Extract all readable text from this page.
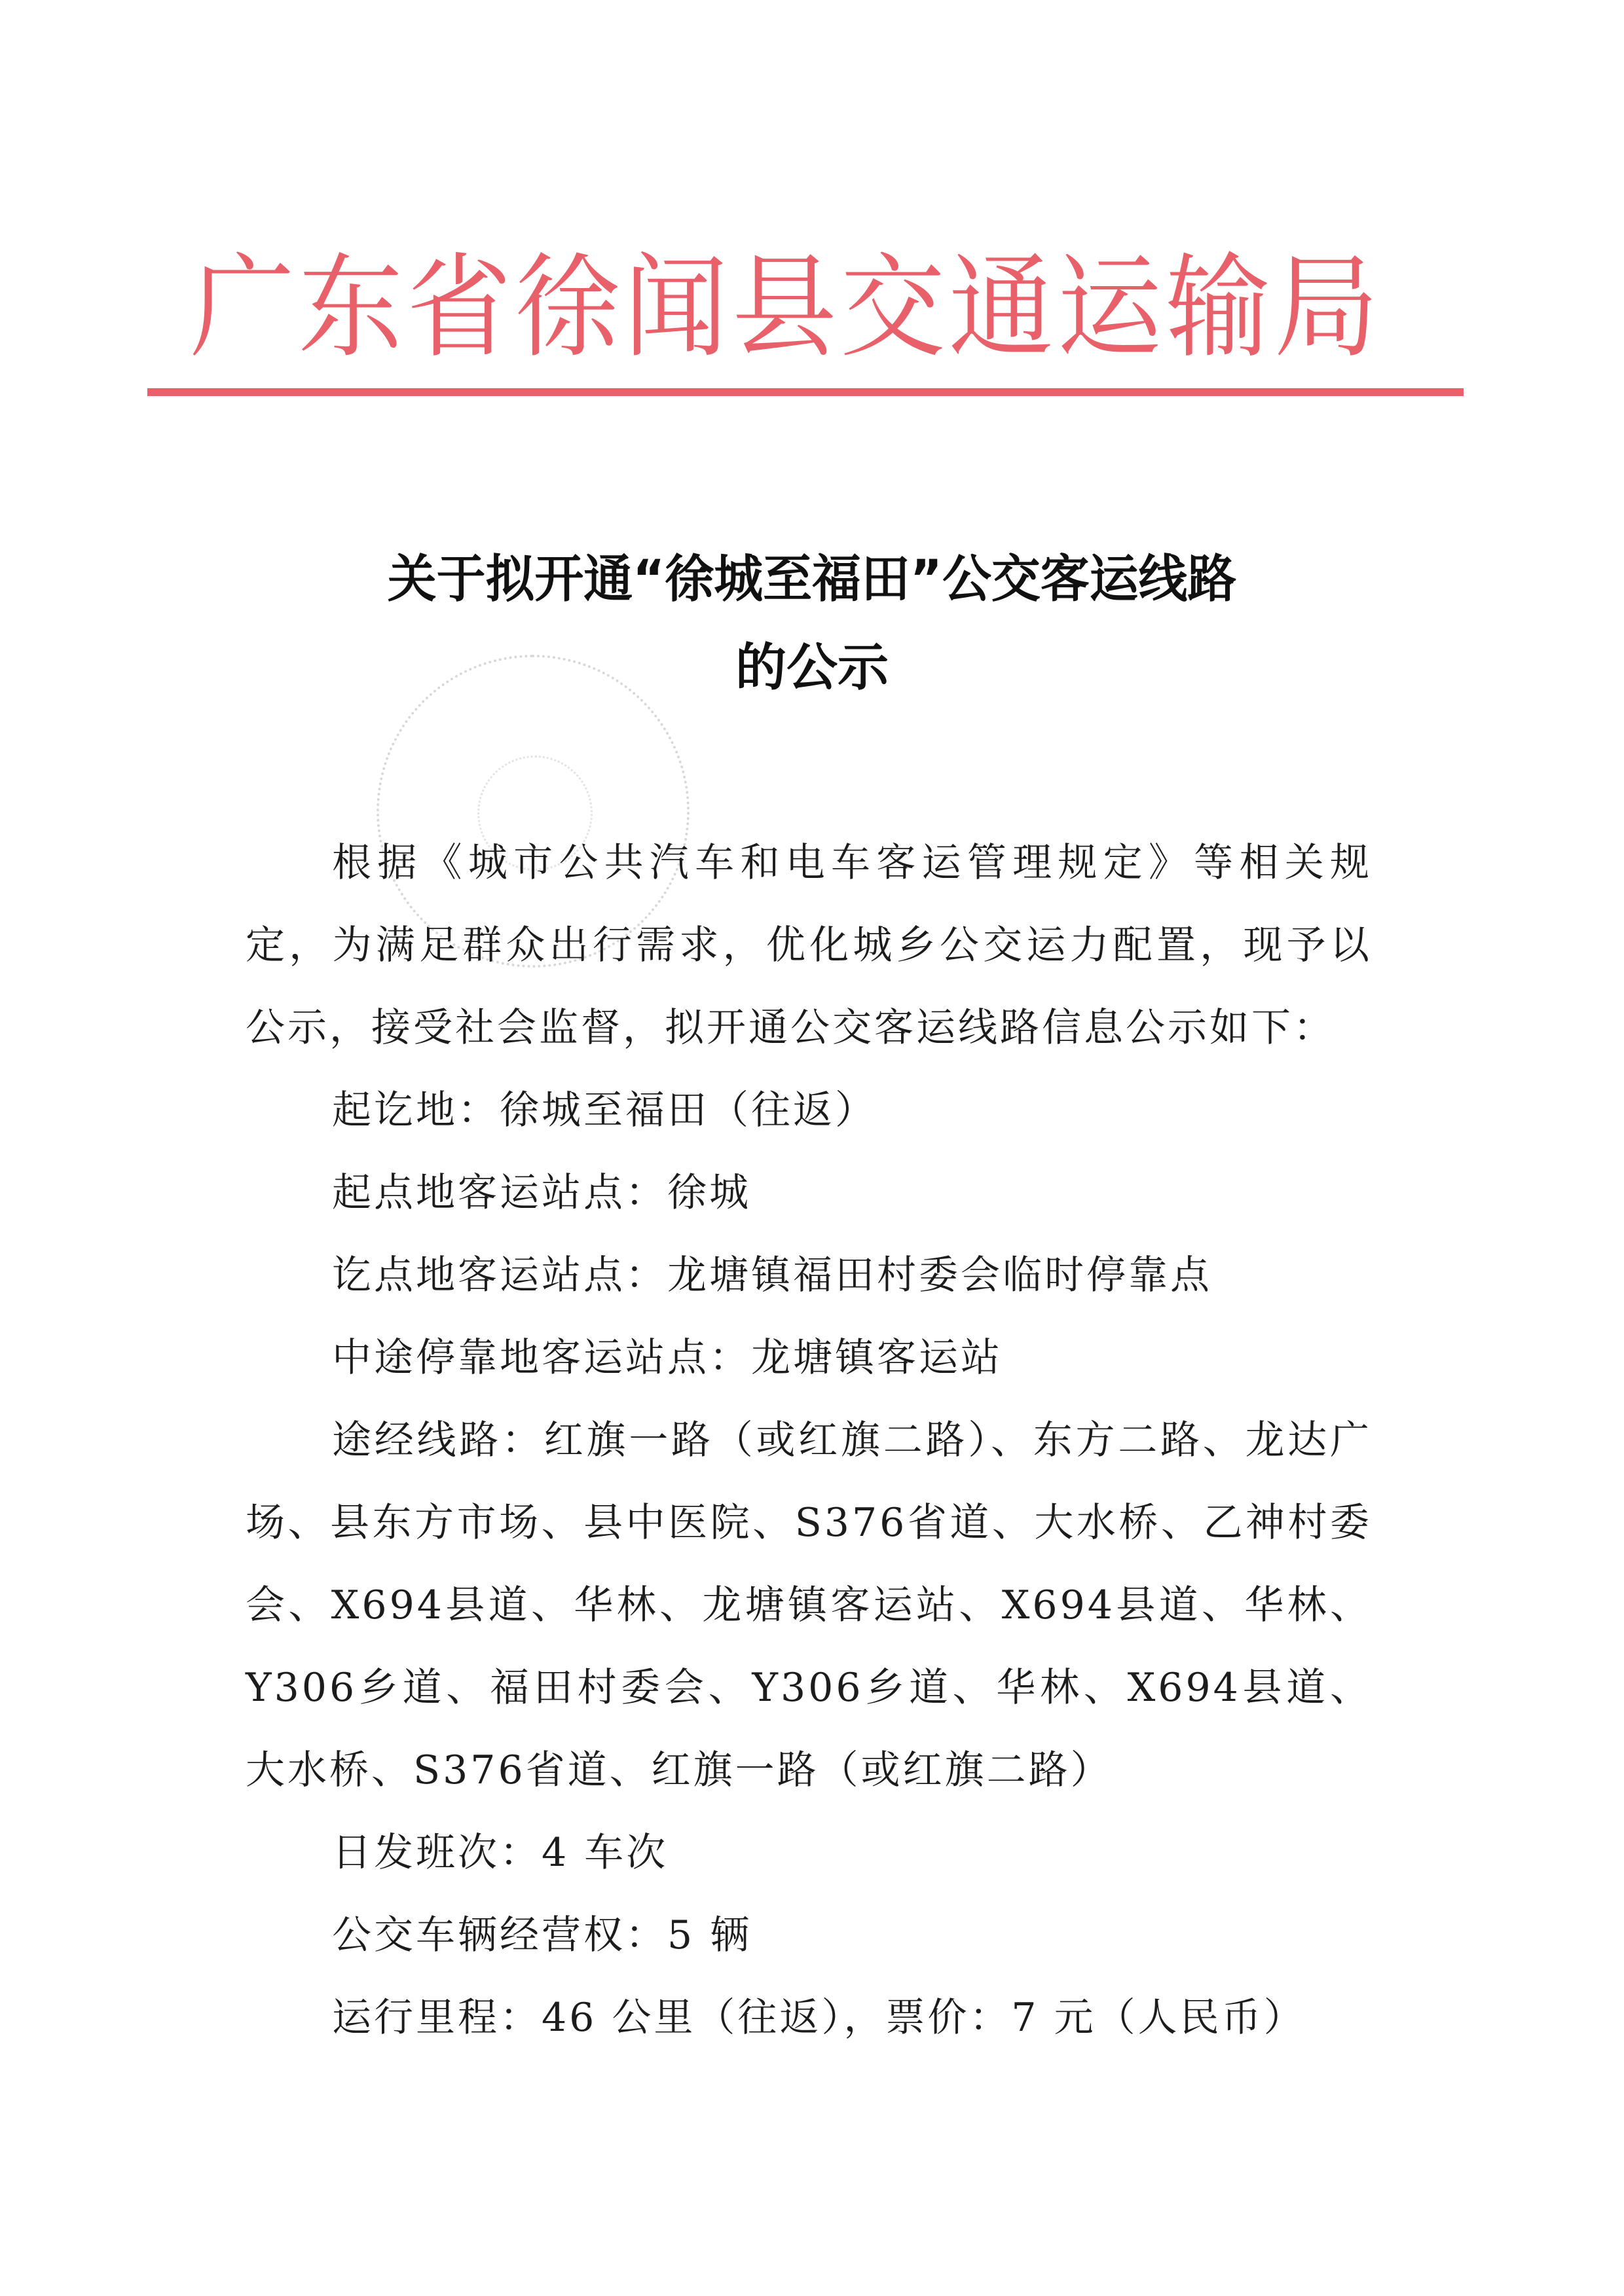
广东省徐闻县交通运输局
关于拟开通“徐城至福田”公交客运线路
的公示

根据《城市公共汽车和电车客运管理规定》等相关规定，为满足群众出行需求，优化城乡公交运力配置，现予以公示，接受社会监督，拟开通公交客运线路信息公示如下：

起讫地：徐城至福田（往返）
起点地客运站点：徐城
讫点地客运站点：龙塘镇福田村委会临时停靠点
中途停靠地客运站点：龙塘镇客运站

途经线路：红旗一路（或红旗二路）、东方二路、龙达广场、县东方市场、县中医院、S376省道、大水桥、乙神村委会、X694县道、华林、龙塘镇客运站、X694县道、华林、Y306乡道、福田村委会、Y306乡道、华林、X694县道、大水桥、S376省道、红旗一路（或红旗二路）

日发班次：4 车次
公交车辆经营权：5 辆
运行里程：46 公里（往返），票价：7 元（人民币）
